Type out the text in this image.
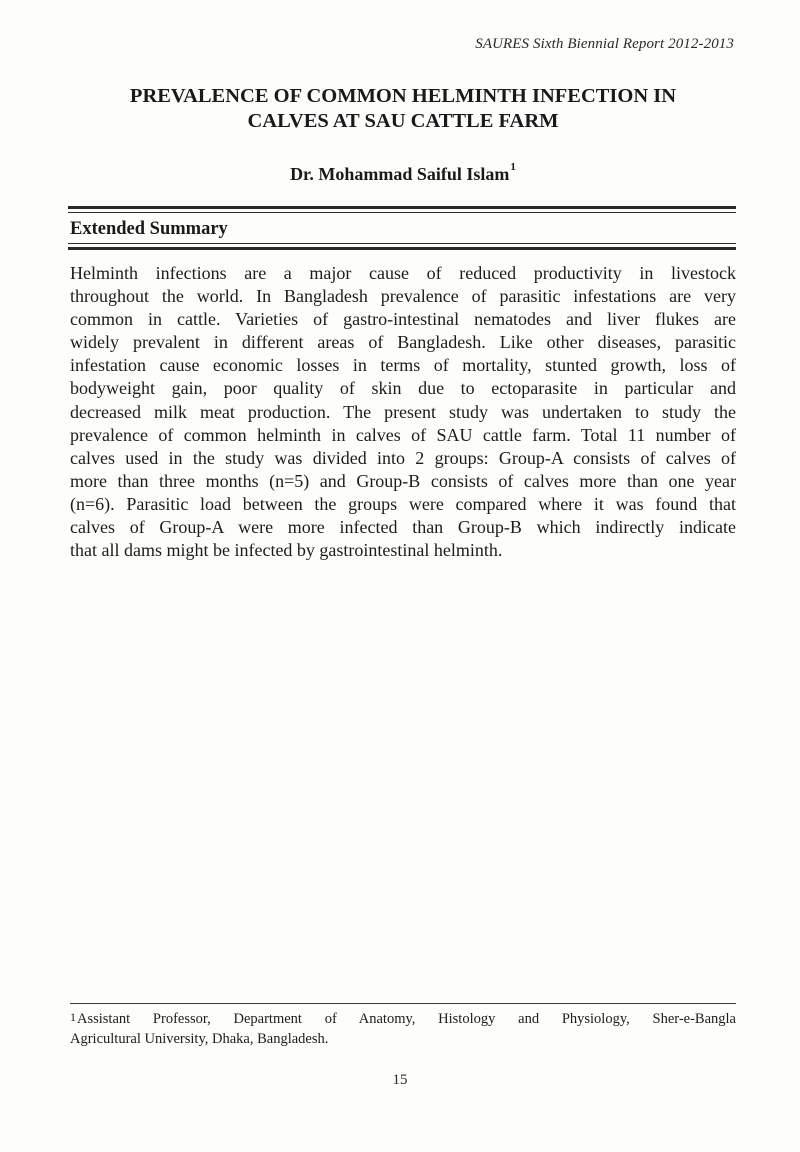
SAURES Sixth Biennial Report 2012-2013
PREVALENCE OF COMMON HELMINTH INFECTION IN
CALVES AT SAU CATTLE FARM
Dr. Mohammad Saiful Islam$^1$
Extended Summary
Helminth infections are a major cause of reduced productivity in livestock
throughout the world. In Bangladesh prevalence of parasitic infestations are very
common in cattle. Varieties of gastro-intestinal nematodes and liver flukes are
widely prevalent in different areas of Bangladesh. Like other diseases, parasitic
infestation cause economic losses in terms of mortality, stunted growth, loss of
bodyweight gain, poor quality of skin due to ectoparasite in particular and
decreased milk meat production. The present study was undertaken to study the
prevalence of common helminth in calves of SAU cattle farm. Total 11 number of
calves used in the study was divided into 2 groups: Group-A consists of calves of
more than three months (n=5) and Group-B consists of calves more than one year
(n=6). Parasitic load between the groups were compared where it was found that
calves of Group-A were more infected than Group-B which indirectly indicate
that all dams might be infected by gastrointestinal helminth.
$^1$Assistant Professor, Department of Anatomy, Histology and Physiology, Sher-e-Bangla
Agricultural University, Dhaka, Bangladesh.
15
